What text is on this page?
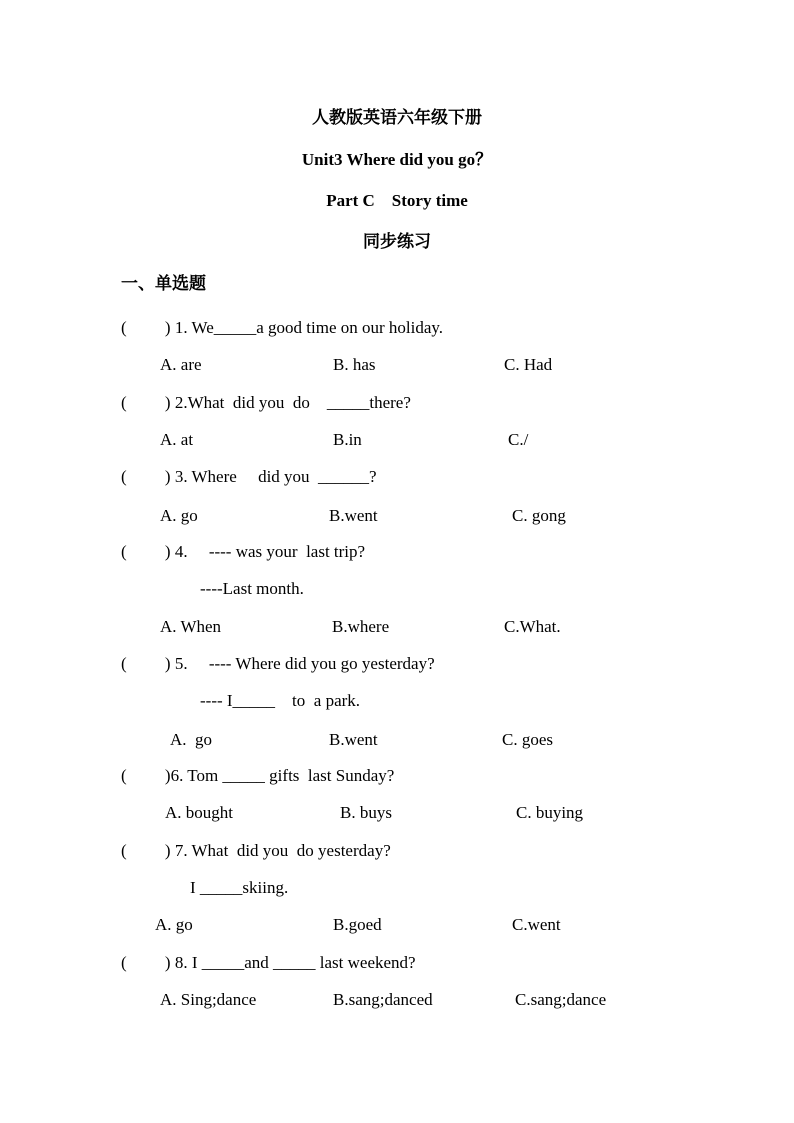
人教版英语六年级下册
Unit3 Where did you go？
Part C    Story time
同步练习
一、单选题
(         ) 1. We_____a good time on our holiday.
A. are	B. has	C. Had
(         ) 2.What  did you  do    _____there?
A. at	B.in	C./
(         ) 3. Where     did you  ______?
A. go	B.went	C. gong
(         ) 4.     ---- was your  last trip?
----Last month.
A. When	B.where	C.What.
(         ) 5.     ---- Where did you go yesterday?
---- I_____    to  a park.
A.  go	B.went	C. goes
(         )6. Tom _____ gifts  last Sunday?
A. bought	B. buys	C. buying
(         ) 7. What  did you  do yesterday?
I _____skiing.
A. go	B.goed	C.went
(         ) 8. I _____and _____ last weekend?
A. Sing;dance	B.sang;danced	C.sang;dance
